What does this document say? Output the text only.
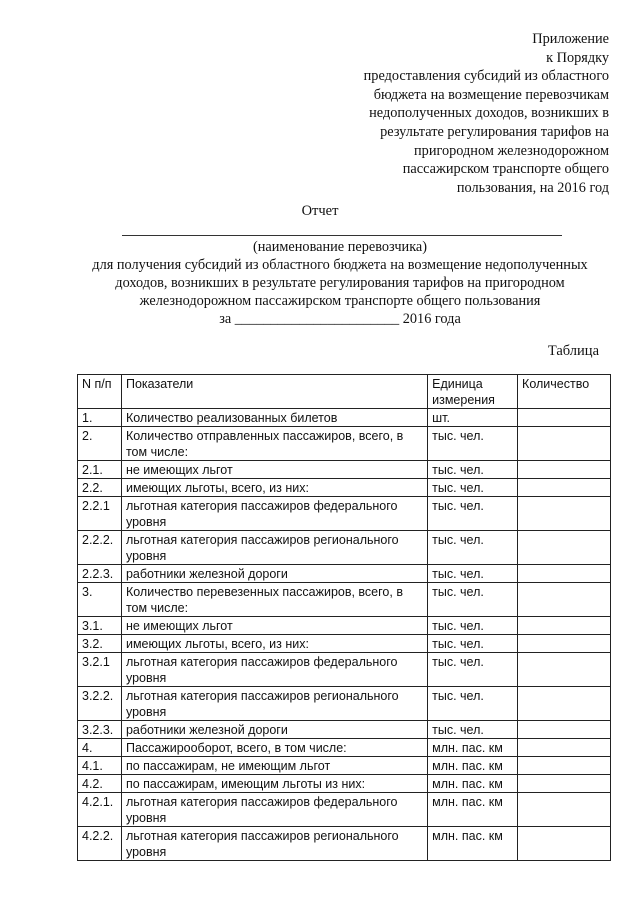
Приложение
к Порядку
предоставления субсидий из областного
бюджета на возмещение перевозчикам
недополученных доходов, возникших в
результате регулирования тарифов на
пригородном железнодорожном
пассажирском транспорте общего
пользования, на 2016 год
Отчет
(наименование перевозчика)
для получения субсидий из областного бюджета на возмещение недополученных
доходов, возникших в результате регулирования тарифов на пригородном
железнодорожном пассажирском транспорте общего пользования
за _______________________ 2016 года
Таблица
N п/п	Показатели	Единица измерения	Количество
1.	Количество реализованных билетов	шт.	
2.	Количество отправленных пассажиров, всего, в том числе:	тыс. чел.	
2.1.	не имеющих льгот	тыс. чел.	
2.2.	имеющих льготы, всего, из них:	тыс. чел.	
2.2.1	льготная категория пассажиров федерального уровня	тыс. чел.	
2.2.2.	льготная категория пассажиров регионального уровня	тыс. чел.	
2.2.3.	работники железной дороги	тыс. чел.	
3.	Количество перевезенных пассажиров, всего, в том числе:	тыс. чел.	
3.1.	не имеющих льгот	тыс. чел.	
3.2.	имеющих льготы, всего, из них:	тыс. чел.	
3.2.1	льготная категория пассажиров федерального уровня	тыс. чел.	
3.2.2.	льготная категория пассажиров регионального уровня	тыс. чел.	
3.2.3.	работники железной дороги	тыс. чел.	
4.	Пассажирооборот, всего, в том числе:	млн. пас. км	
4.1.	по пассажирам, не имеющим льгот	млн. пас. км	
4.2.	по пассажирам, имеющим льготы из них:	млн. пас. км	
4.2.1.	льготная категория пассажиров федерального уровня	млн. пас. км	
4.2.2.	льготная категория пассажиров регионального уровня	млн. пас. км	
